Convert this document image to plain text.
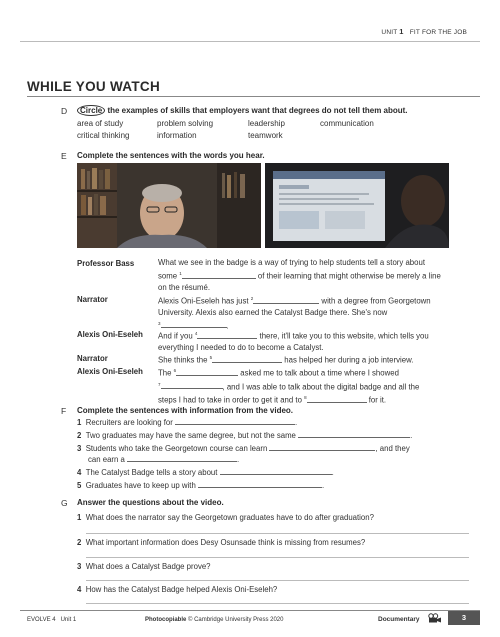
UNIT 1 FIT FOR THE JOB
WHILE YOU WATCH
D	Circle the examples of skills that employers want that degrees do not tell them about.
area of study	problem solving	leadership	communication
critical thinking	information	teamwork
E Complete the sentences with the words you hear.
Professor Bass	What we see in the badge is a way of trying to help students tell a story about
some $^1$	of their learning that might otherwise be merely a line
on the résumé.
Narrator	Alexis Oni-Eseleh has just $^2$	with a degree from Georgetown
University. Alexis also earned the Catalyst Badge there. She's now
$^3$	.
Alexis Oni-Eseleh And if you $^4$	there, it'll take you to this website, which tells you
everything I needed to do to become a Catalyst.
Narrator	She thinks the $^5$	has helped her during a job interview.
Alexis Oni-Eseleh The $^6$	asked me to talk about a time where I showed
$^7$	, and I was able to talk about the digital badge and all the
steps I had to take in order to get it and to $^8$	for it.
F Complete the sentences with information from the video.
1 Recruiters are looking for	.
2 Two graduates may have the same degree, but not the same	.
3 Students who take the Georgetown course can learn	, and they
can earn a	.
4 The Catalyst Badge tells a story about	.
5 Graduates have to keep up with	.
G Answer the questions about the video.
1 What does the narrator say the Georgetown graduates have to do after graduation?
2 What important information does Desy Osunsade think is missing from resumes?
3 What does a Catalyst Badge prove?
4 How has the Catalyst Badge helped Alexis Oni-Eseleh?
EVOLVE 4   Unit 1	Photocopiable © Cambridge University Press 2020	Documentary	3
